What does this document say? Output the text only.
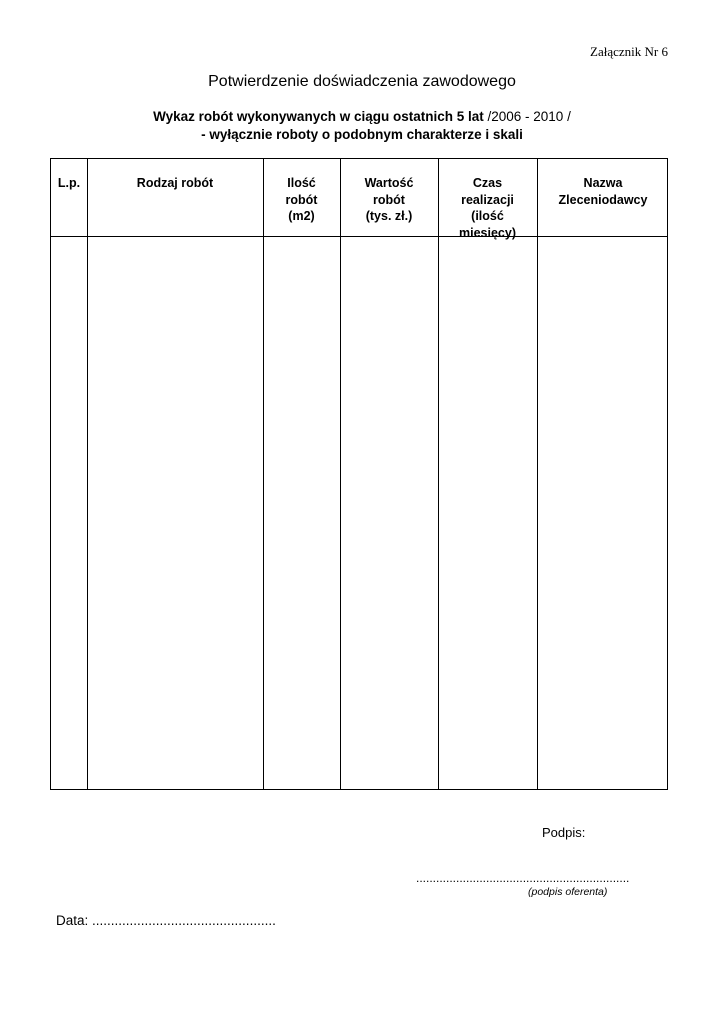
Załącznik Nr 6
Potwierdzenie doświadczenia zawodowego
Wykaz robót wykonywanych w ciągu ostatnich 5 lat /2006 - 2010 /
- wyłącznie roboty o podobnym charakterze i skali
L.p.	Rodzaj robót	Ilość
robót
(m2)
Wartość
robót
(tys. zł.)
Czas
realizacji
(ilość
miesięcy)
Nazwa
Zleceniodawcy
Podpis:
................................................................
(podpis oferenta)
Data: .................................................
